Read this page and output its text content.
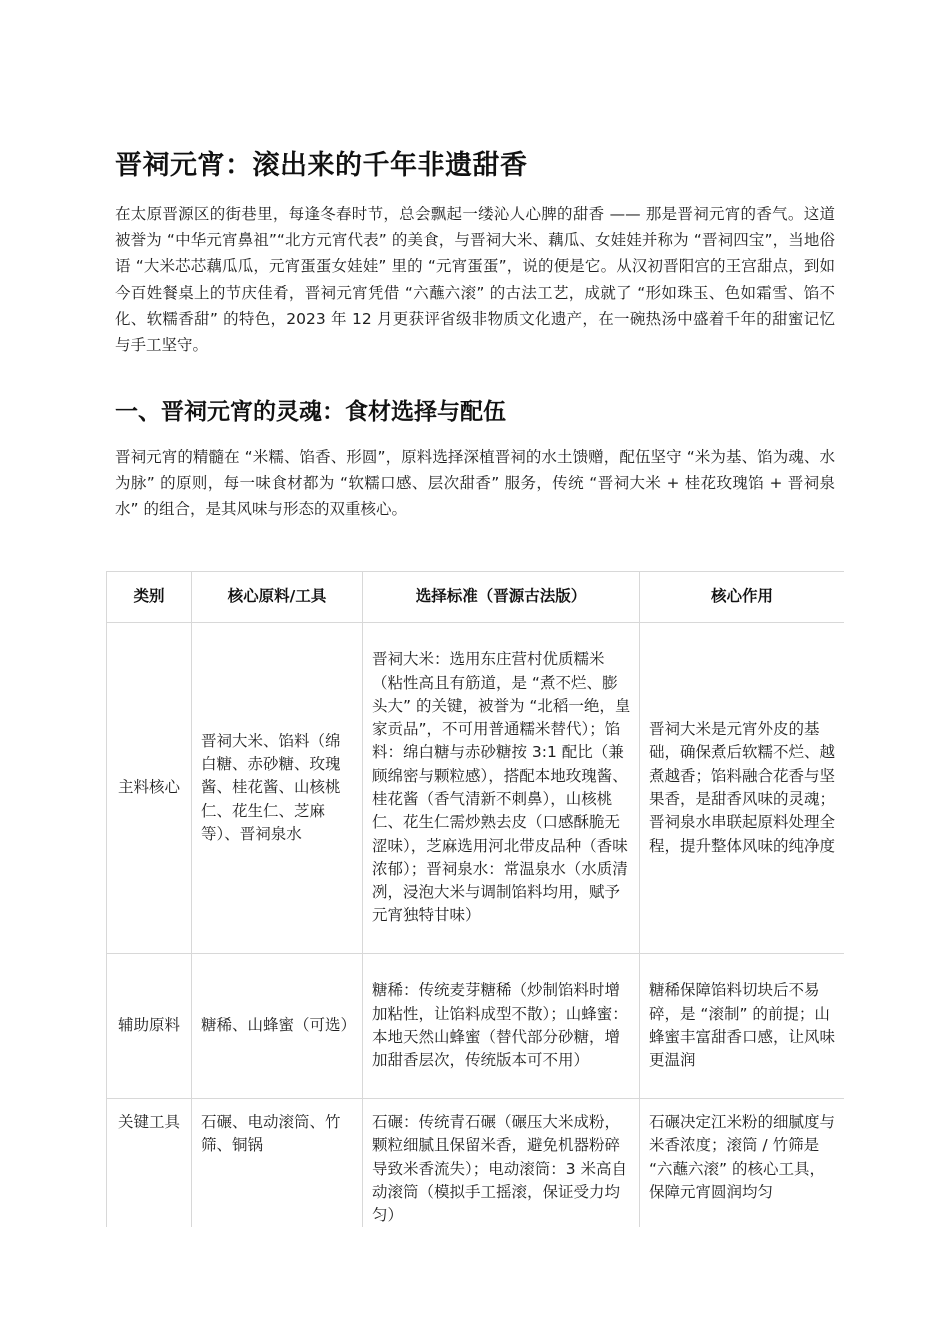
晋祠元宵：滚出来的千年非遗甜香

在太原晋源区的街巷里，每逢冬春时节，总会飘起一缕沁人心脾的甜香 —— 那是晋祠元宵的香气。这道被誉为 “中华元宵鼻祖”“北方元宵代表” 的美食，与晋祠大米、藕瓜、女娃娃并称为 “晋祠四宝”，当地俗语 “大米芯芯藕瓜瓜，元宵蛋蛋女娃娃” 里的 “元宵蛋蛋”，说的便是它。从汉初晋阳宫的王宫甜点，到如今百姓餐桌上的节庆佳肴，晋祠元宵凭借 “六蘸六滚” 的古法工艺，成就了 “形如珠玉、色如霜雪、馅不化、软糯香甜” 的特色，2023 年 12 月更获评省级非物质文化遗产，在一碗热汤中盛着千年的甜蜜记忆与手工坚守。

一、晋祠元宵的灵魂：食材选择与配伍

晋祠元宵的精髓在 “米糯、馅香、形圆”，原料选择深植晋祠的水土馈赠，配伍坚守 “米为基、馅为魂、水为脉” 的原则，每一味食材都为 “软糯口感、层次甜香” 服务，传统 “晋祠大米 + 桂花玫瑰馅 + 晋祠泉水” 的组合，是其风味与形态的双重核心。

类别	核心原料/工具	选择标准（晋源古法版）	核心作用
主料核心	晋祠大米、馅料（绵白糖、赤砂糖、玫瑰酱、桂花酱、山核桃仁、花生仁、芝麻等）、晋祠泉水	晋祠大米：选用东庄营村优质糯米（粘性高且有筋道，是 “煮不烂、膨头大” 的关键，被誉为 “北稻一绝，皇家贡品”，不可用普通糯米替代）；馅料：绵白糖与赤砂糖按 3:1 配比（兼顾绵密与颗粒感），搭配本地玫瑰酱、桂花酱（香气清新不刺鼻），山核桃仁、花生仁需炒熟去皮（口感酥脆无涩味），芝麻选用河北带皮品种（香味浓郁）；晋祠泉水：常温泉水（水质清冽，浸泡大米与调制馅料均用，赋予元宵独特甘味）	晋祠大米是元宵外皮的基础，确保煮后软糯不烂、越煮越香；馅料融合花香与坚果香，是甜香风味的灵魂；晋祠泉水串联起原料处理全程，提升整体风味的纯净度
辅助原料	糖稀、山蜂蜜（可选）	糖稀：传统麦芽糖稀（炒制馅料时增加粘性，让馅料成型不散）；山蜂蜜：本地天然山蜂蜜（替代部分砂糖，增加甜香层次，传统版本可不用）	糖稀保障馅料切块后不易碎，是 “滚制” 的前提；山蜂蜜丰富甜香口感，让风味更温润
关键工具	石碾、电动滚筒、竹筛、铜锅	石碾：传统青石碾（碾压大米成粉，颗粒细腻且保留米香，避免机器粉碎导致米香流失）；电动滚筒：3 米高自动滚筒（模拟手工摇滚，保证受力均匀）	石碾决定江米粉的细腻度与米香浓度；滚筒 / 竹筛是 “六蘸六滚” 的核心工具，保障元宵圆润均匀
